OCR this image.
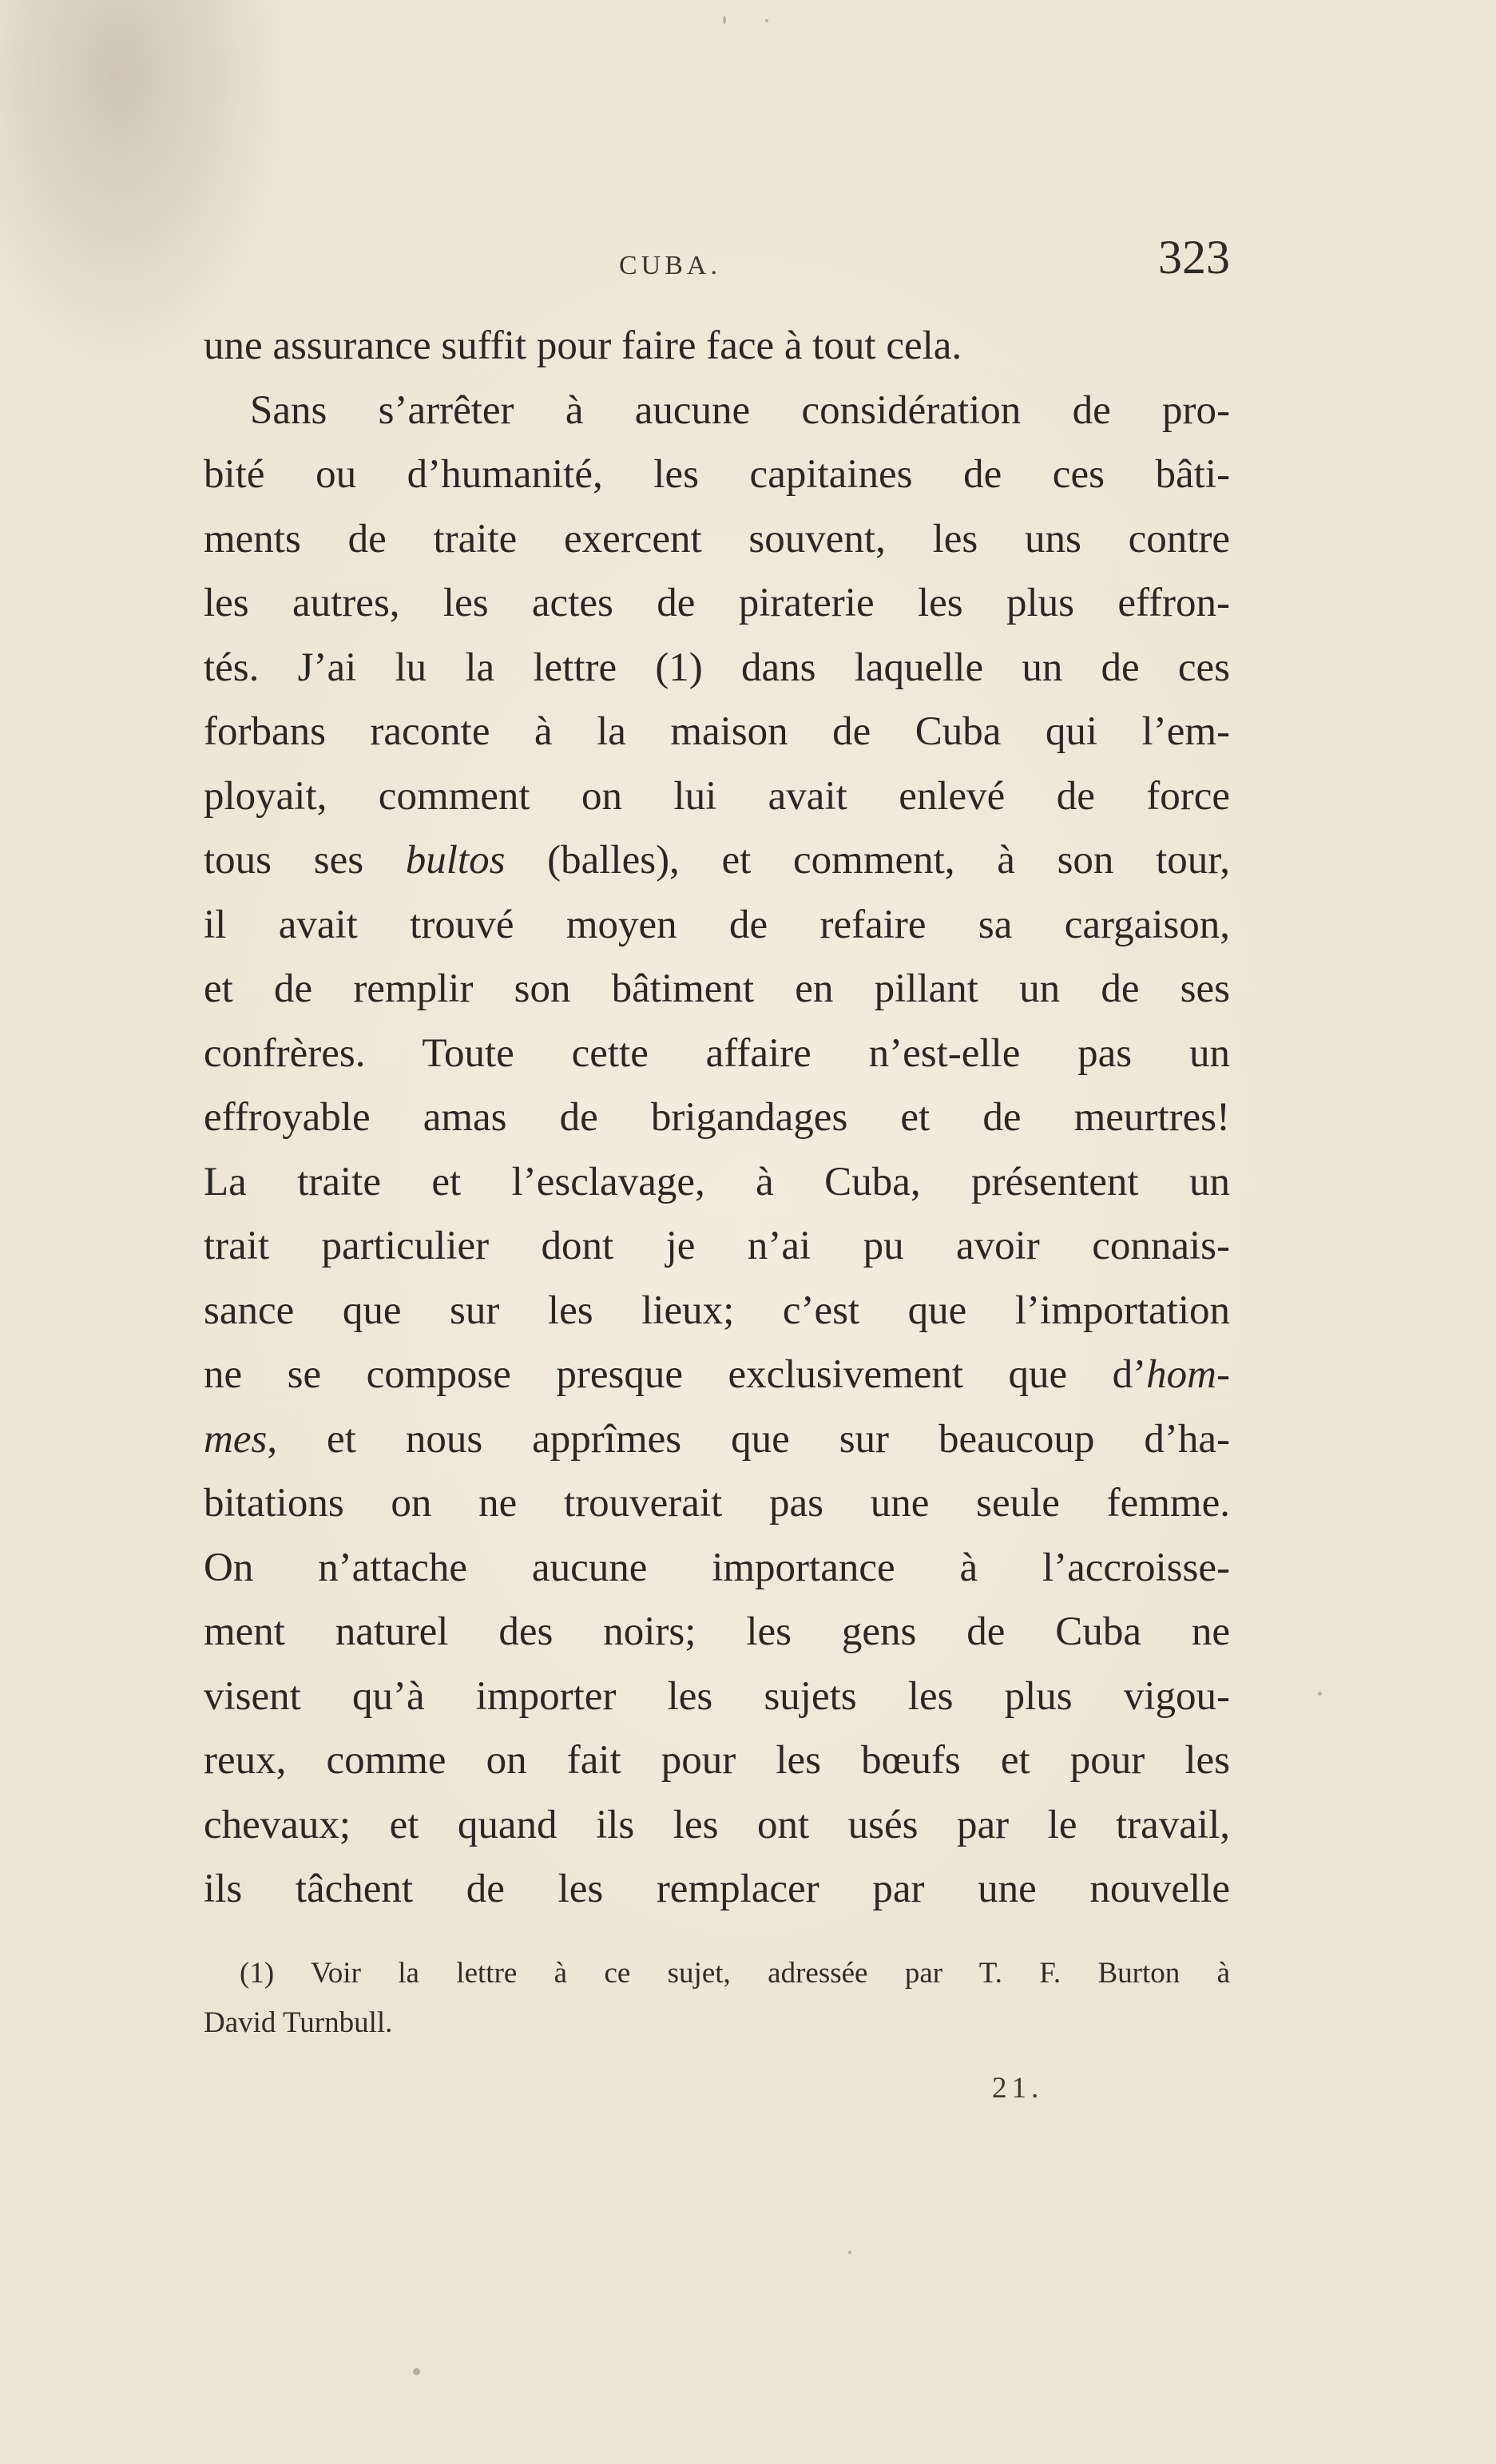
CUBA.	323
une assurance suffit pour faire face à tout cela.
Sans s’arrêter à aucune considération de pro-
bité ou d’humanité, les capitaines de ces bâti-
ments de traite exercent souvent, les uns contre
les autres, les actes de piraterie les plus effron-
tés. J’ai lu la lettre (1) dans laquelle un de ces
forbans raconte à la maison de Cuba qui l’em-
ployait, comment on lui avait enlevé de force
tous ses bultos (balles), et comment, à son tour,
il avait trouvé moyen de refaire sa cargaison,
et de remplir son bâtiment en pillant un de ses
confrères. Toute cette affaire n’est-elle pas un
effroyable amas de brigandages et de meurtres!
La traite et l’esclavage, à Cuba, présentent un
trait particulier dont je n’ai pu avoir connais-
sance que sur les lieux; c’est que l’importation
ne se compose presque exclusivement que d’hom-
mes, et nous apprîmes que sur beaucoup d’ha-
bitations on ne trouverait pas une seule femme.
On n’attache aucune importance à l’accroisse-
ment naturel des noirs; les gens de Cuba ne
visent qu’à importer les sujets les plus vigou-
reux, comme on fait pour les bœufs et pour les
chevaux; et quand ils les ont usés par le travail,
ils tâchent de les remplacer par une nouvelle
(1) Voir la lettre à ce sujet, adressée par T. F. Burton à
David Turnbull.
21.
